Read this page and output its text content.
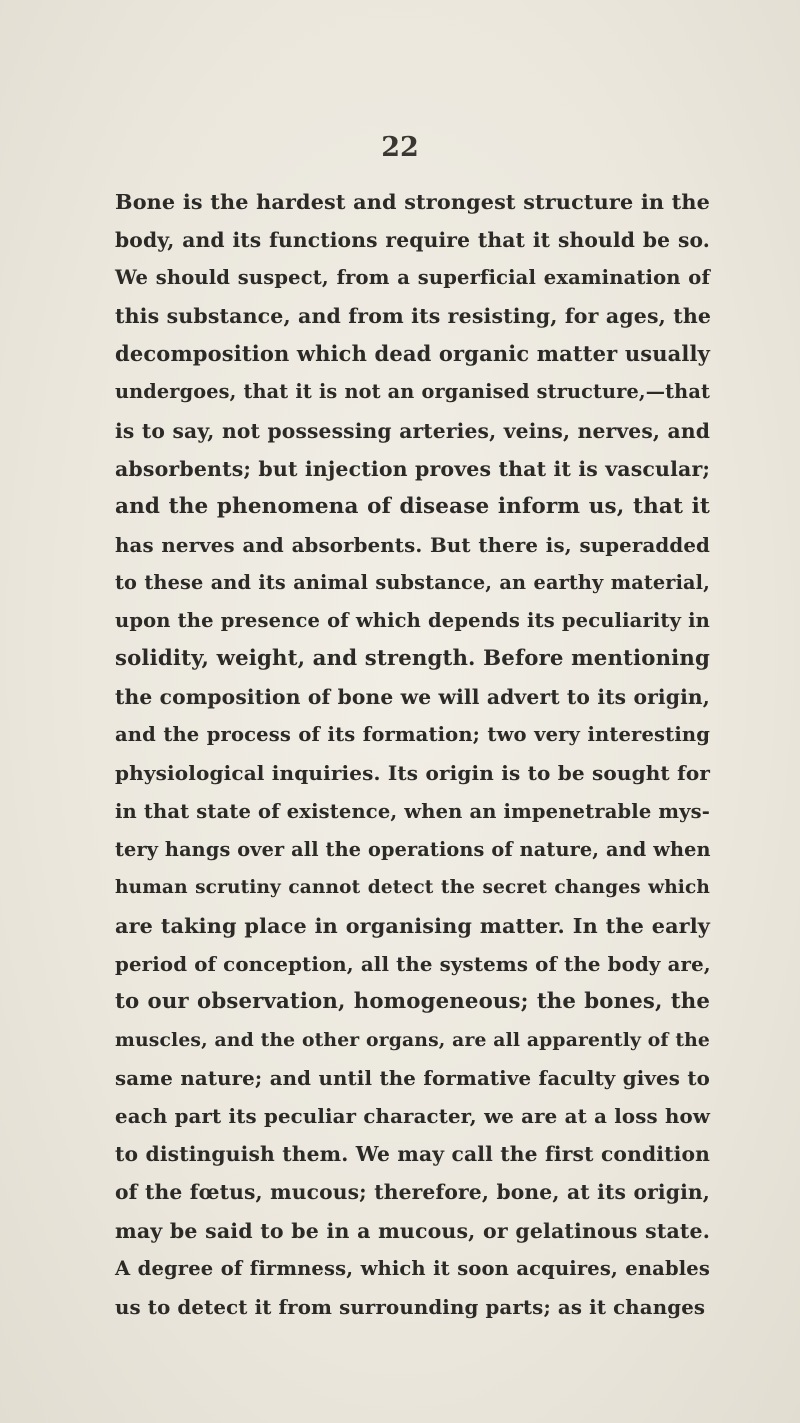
22
Bone is the hardest and strongest structure in the
body, and its functions require that it should be so.
We should suspect, from a superficial examination of
this substance, and from its resisting, for ages, the
decomposition which dead organic matter usually
undergoes, that it is not an organised structure,—that
is to say, not possessing arteries, veins, nerves, and
absorbents; but injection proves that it is vascular;
and the phenomena of disease inform us, that it
has nerves and absorbents. But there is, superadded
to these and its animal substance, an earthy material,
upon the presence of which depends its peculiarity in
solidity, weight, and strength. Before mentioning
the composition of bone we will advert to its origin,
and the process of its formation; two very interesting
physiological inquiries. Its origin is to be sought for
in that state of existence, when an impenetrable mys-
tery hangs over all the operations of nature, and when
human scrutiny cannot detect the secret changes which
are taking place in organising matter. In the early
period of conception, all the systems of the body are,
to our observation, homogeneous; the bones, the
muscles, and the other organs, are all apparently of the
same nature; and until the formative faculty gives to
each part its peculiar character, we are at a loss how
to distinguish them. We may call the first condition
of the fœtus, mucous; therefore, bone, at its origin,
may be said to be in a mucous, or gelatinous state.
A degree of firmness, which it soon acquires, enables
us to detect it from surrounding parts; as it changes
